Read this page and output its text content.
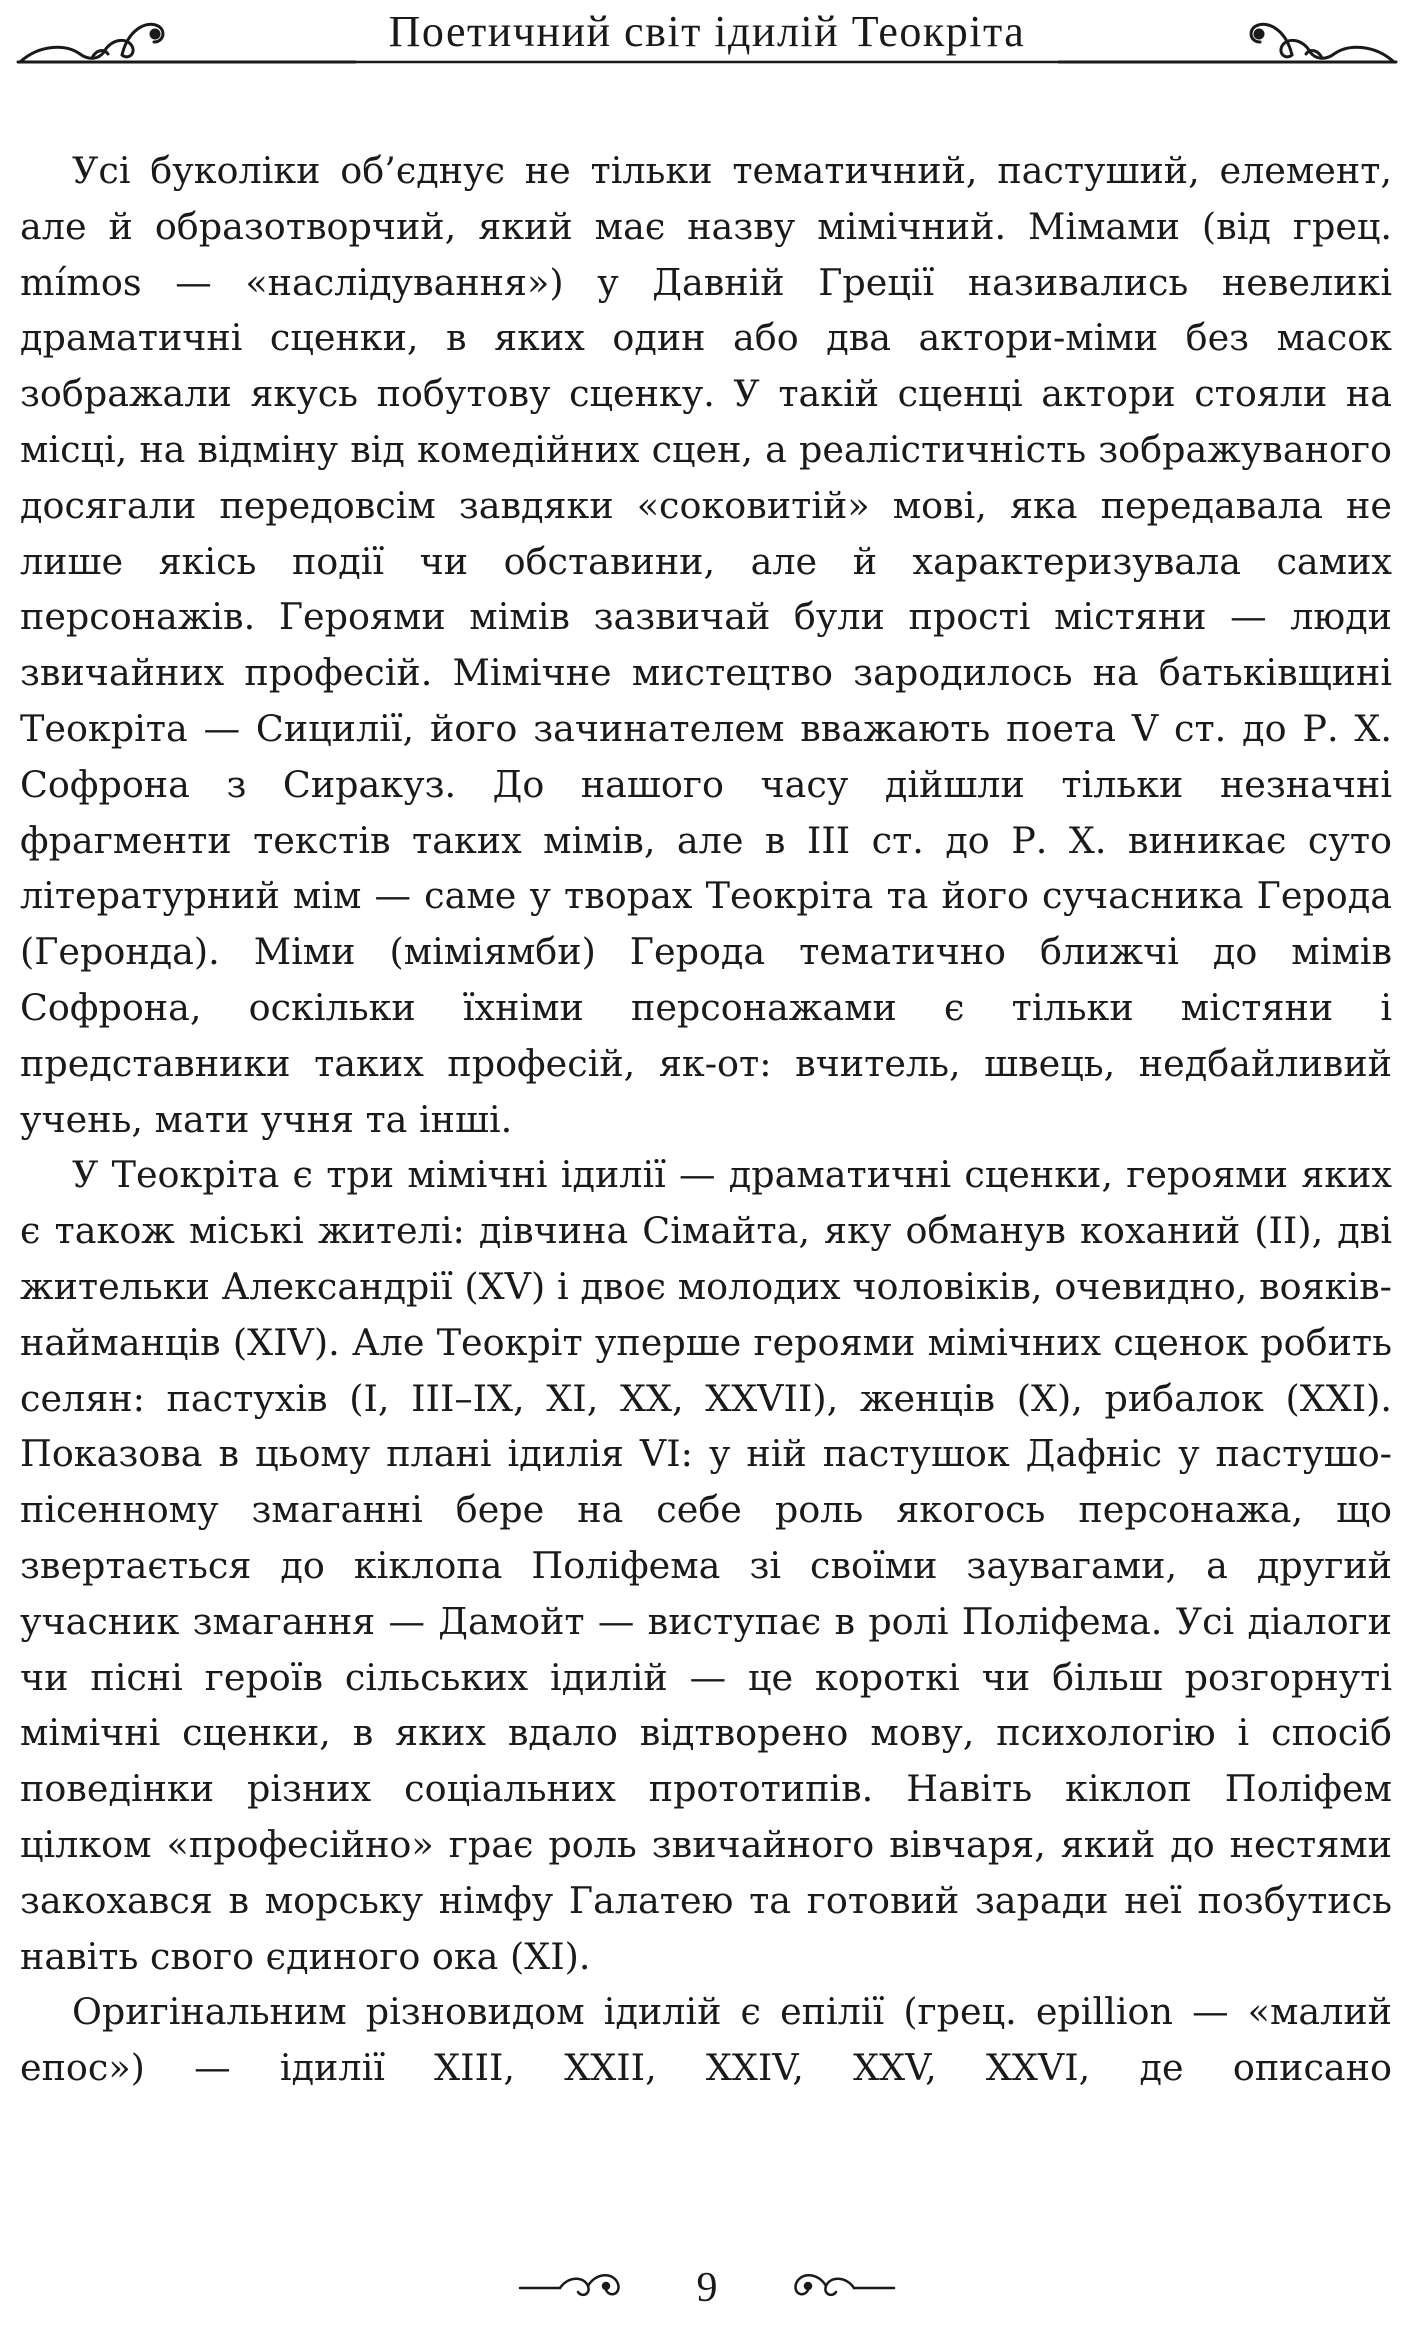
Поетичний світ ідилій Теокріта

Усі буколіки об’єднує не тільки тематичний, пастуший, елемент, але й образотворчий, який має назву мімічний. Мімами (від грец. mímos — «наслідування») у Давній Греції називались невеликі драматичні сценки, в яких один або два актори-міми без масок зображали якусь побутову сценку. У такій сценці актори стояли на місці, на відміну від комедійних сцен, а реалістичність зображуваного досягали передовсім завдяки «соковитій» мові, яка передавала не лише якісь події чи обставини, але й характеризувала самих персонажів. Героями мімів зазвичай були прості містяни — люди звичайних професій. Мімічне мистецтво зародилось на батьківщині Теокріта — Сицилії, його зачинателем вважають поета V ст. до Р. Х. Софрона з Сиракуз. До нашого часу дійшли тільки незначні фрагменти текстів таких мімів, але в ІІІ ст. до Р. Х. виникає суто літературний мім — саме у творах Теокріта та його сучасника Герода (Геронда). Міми (міміямби) Герода тематично ближчі до мімів Софрона, оскільки їхніми персонажами є тільки містяни і представники таких професій, як-от: вчитель, швець, недбайливий учень, мати учня та інші.

У Теокріта є три мімічні ідилії — драматичні сценки, героями яких є також міські жителі: дівчина Сімайта, яку обманув коханий (ІІ), дві жительки Александрії (XV) і двоє молодих чоловіків, очевидно, вояків-найманців (XIV). Але Теокріт уперше героями мімічних сценок робить селян: пастухів (I, III–IX, XI, XX, XXVII), женців (X), рибалок (XXI). Показова в цьому плані ідилія VI: у ній пастушок Дафніс у пастушо-пісенному змаганні бере на себе роль якогось персонажа, що звертається до кіклопа Поліфема зі своїми заувагами, а другий учасник змагання — Дамойт — виступає в ролі Поліфема. Усі діалоги чи пісні героїв сільських ідилій — це короткі чи більш розгорнуті мімічні сценки, в яких вдало відтворено мову, психологію і спосіб поведінки різних соціальних прототипів. Навіть кіклоп Поліфем цілком «професійно» грає роль звичайного вівчаря, який до нестями закохався в морську німфу Галатею та готовий заради неї позбутись навіть свого єдиного ока (XI).

Оригінальним різновидом ідилій є епілії (грец. epillion — «малий епос») — ідилії XIII, XXII, XXIV, XXV, XXVI, де описано

9
